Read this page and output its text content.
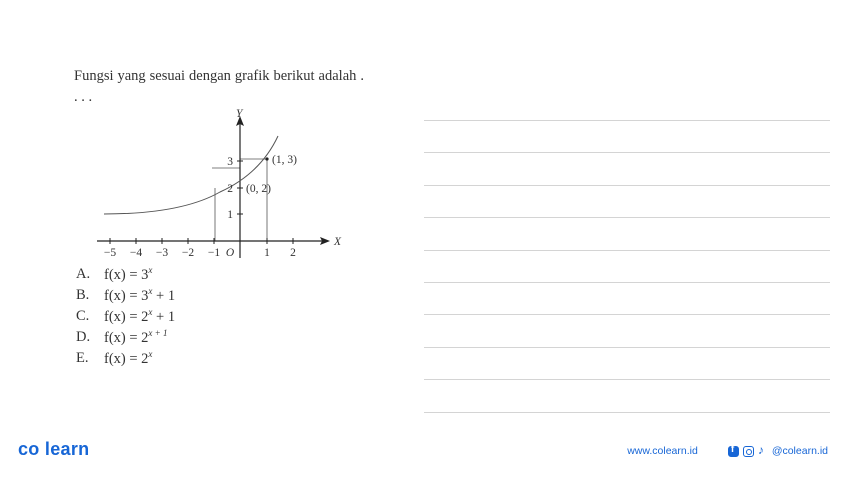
Fungsi yang sesuai dengan grafik berikut adalah . . . .
−5 −4 −3 −2 −1	1 2
O
X
Y
1
2
3
(0, 2)
(1, 3)
A. $f(x) = 3^x$
B.	$f(x) = 3^x + 1$
C.	$f(x) = 2^x + 1$
D. $f(x) = 2^{x + 1}$
E.	$f(x) = 2^x$
co learn	www.colearn.id f ♪	@colearn.id
